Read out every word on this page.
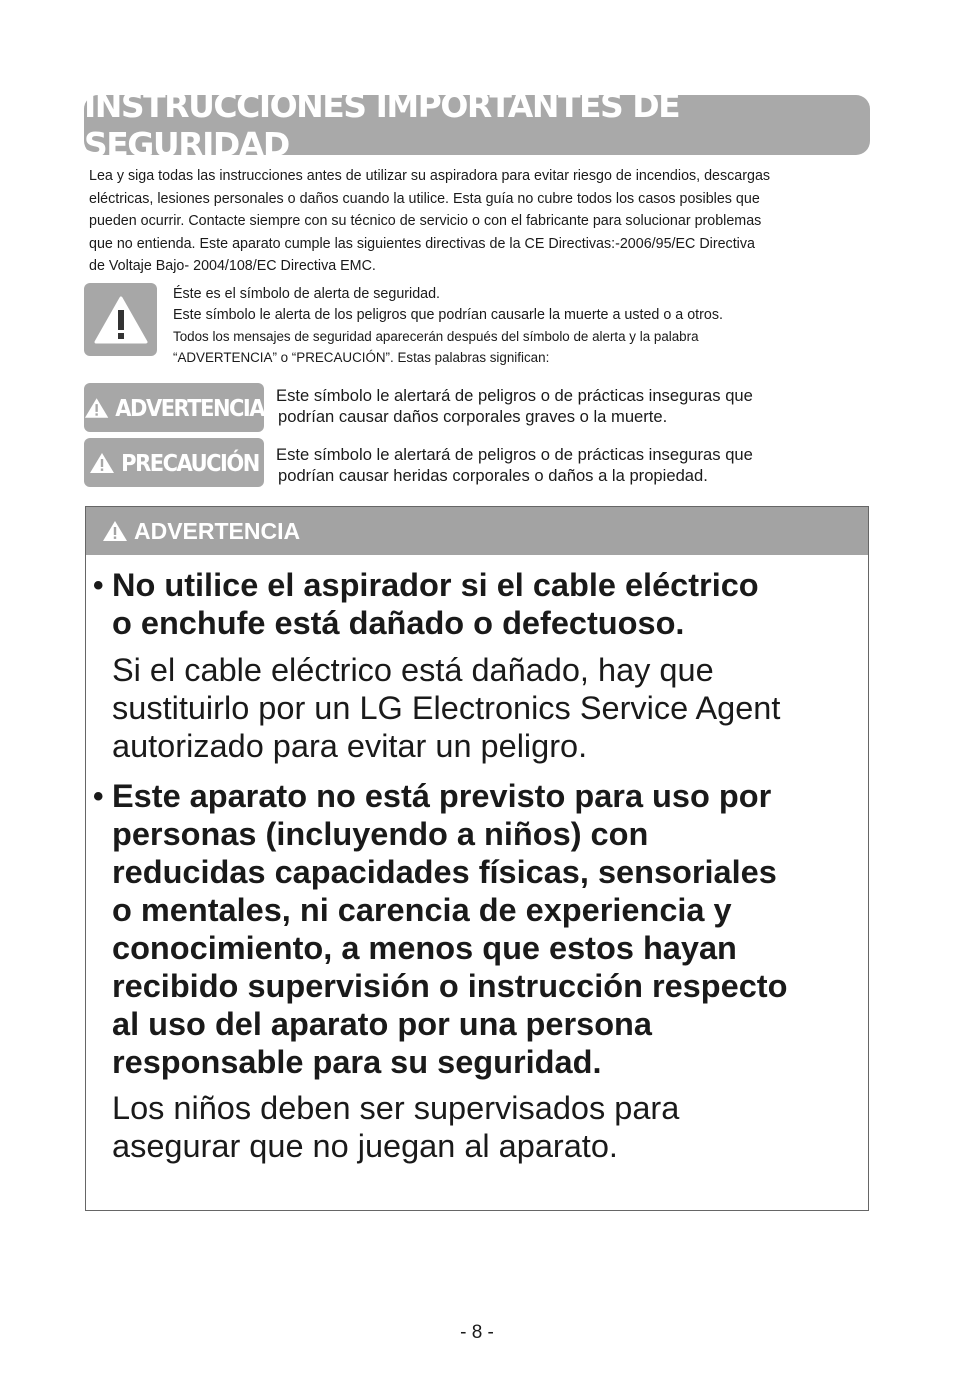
INSTRUCCIONES IMPORTANTES DE SEGURIDAD
Lea y siga todas las instrucciones antes de utilizar su aspiradora para evitar riesgo de incendios, descargas
eléctricas, lesiones personales o daños cuando la utilice. Esta guía no cubre todos los casos posibles que
pueden ocurrir. Contacte siempre con su técnico de servicio o con el fabricante para solucionar problemas
que no entienda. Este aparato cumple las siguientes directivas de la CE Directivas:-2006/95/EC Directiva
de Voltaje Bajo- 2004/108/EC Directiva EMC.
Éste es el símbolo de alerta de seguridad.
Este símbolo le alerta de los peligros que podrían causarle la muerte a usted o a otros.
Todos los mensajes de seguridad aparecerán después del símbolo de alerta y la palabra
“ADVERTENCIA” o “PRECAUCIÓN”. Estas palabras significan:
ADVERTENCIA Este símbolo le alertará de peligros o de prácticas inseguras que
podrían causar daños corporales graves o la muerte.
PRECAUCIÓN Este símbolo le alertará de peligros o de prácticas inseguras que
podrían causar heridas corporales o daños a la propiedad.
ADVERTENCIA
• No utilice el aspirador si el cable eléctrico
o enchufe está dañado o defectuoso.
Si el cable eléctrico está dañado, hay que
sustituirlo por un LG Electronics Service Agent
autorizado para evitar un peligro.
• Este aparato no está previsto para uso por
personas (incluyendo a niños) con
reducidas capacidades físicas, sensoriales
o mentales, ni carencia de experiencia y
conocimiento, a menos que estos hayan
recibido supervisión o instrucción respecto
al uso del aparato por una persona
responsable para su seguridad.
Los niños deben ser supervisados para
asegurar que no juegan al aparato.
- 8 -
